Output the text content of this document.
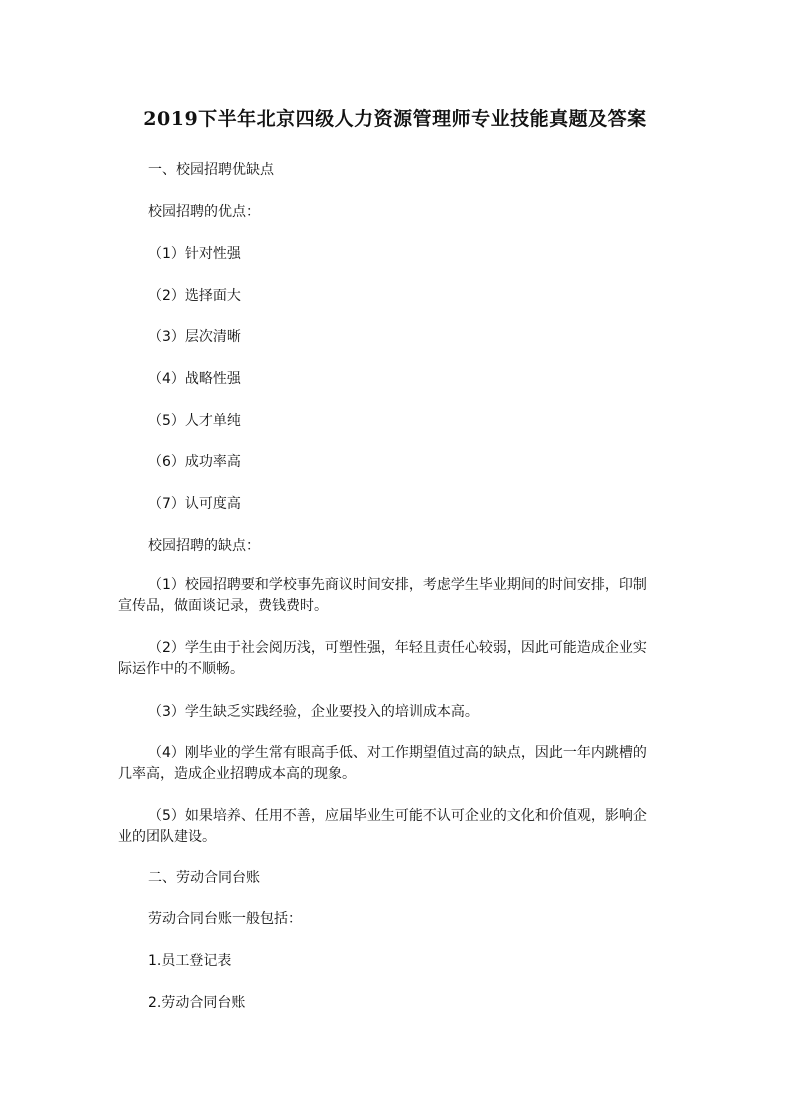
2019下半年北京四级人力资源管理师专业技能真题及答案

一、校园招聘优缺点

校园招聘的优点：

（1）针对性强

（2）选择面大

（3）层次清晰

（4）战略性强

（5）人才单纯

（6）成功率高

（7）认可度高

校园招聘的缺点：

（1）校园招聘要和学校事先商议时间安排，考虑学生毕业期间的时间安排，印制宣传品，做面谈记录，费钱费时。

（2）学生由于社会阅历浅，可塑性强，年轻且责任心较弱，因此可能造成企业实际运作中的不顺畅。

（3）学生缺乏实践经验，企业要投入的培训成本高。

（4）刚毕业的学生常有眼高手低、对工作期望值过高的缺点，因此一年内跳槽的几率高，造成企业招聘成本高的现象。

（5）如果培养、任用不善，应届毕业生可能不认可企业的文化和价值观，影响企业的团队建设。

二、劳动合同台账

劳动合同台账一般包括：

1.员工登记表

2.劳动合同台账
